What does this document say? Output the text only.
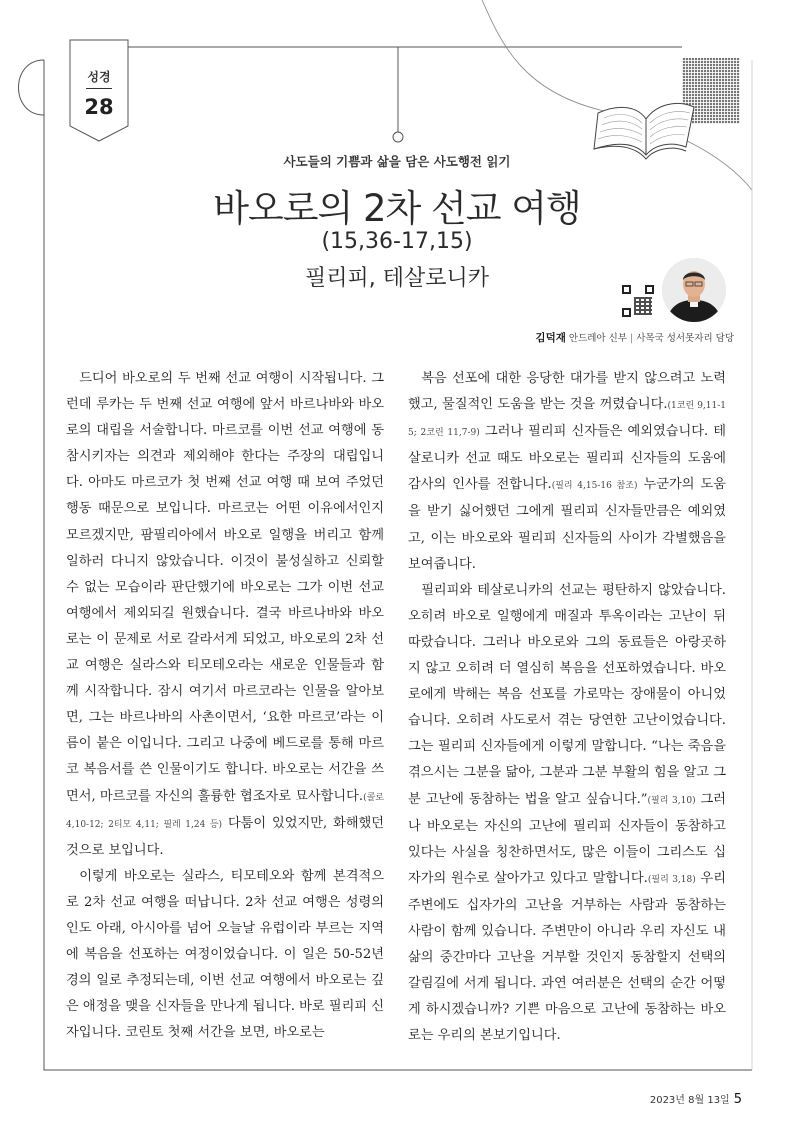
성경
28
사도들의 기쁨과 삶을 담은 사도행전 읽기
바오로의 2차 선교 여행
(15,36-17,15)
필리피, 테살로니카
김덕재 안드레아 신부 | 사목국 성서못자리 담당

드디어 바오로의 두 번째 선교 여행이 시작됩니다. 그런데 루카는 두 번째 선교 여행에 앞서 바르나바와 바오로의 대립을 서술합니다. 마르코를 이번 선교 여행에 동참시키자는 의견과 제외해야 한다는 주장의 대립입니다. 아마도 마르코가 첫 번째 선교 여행 때 보여 주었던 행동 때문으로 보입니다. 마르코는 어떤 이유에서인지 모르겠지만, 팜필리아에서 바오로 일행을 버리고 함께 일하러 다니지 않았습니다. 이것이 불성실하고 신뢰할 수 없는 모습이라 판단했기에 바오로는 그가 이번 선교 여행에서 제외되길 원했습니다. 결국 바르나바와 바오로는 이 문제로 서로 갈라서게 되었고, 바오로의 2차 선교 여행은 실라스와 티모테오라는 새로운 인물들과 함께 시작합니다. 잠시 여기서 마르코라는 인물을 알아보면, 그는 바르나바의 사촌이면서, ‘요한 마르코’라는 이름이 붙은 이입니다. 그리고 나중에 베드로를 통해 마르코 복음서를 쓴 인물이기도 합니다. 바오로는 서간을 쓰면서, 마르코를 자신의 훌륭한 협조자로 묘사합니다.(콜로 4,10-12; 2티모 4,11; 필레 1,24 등) 다툼이 있었지만, 화해했던 것으로 보입니다.

이렇게 바오로는 실라스, 티모테오와 함께 본격적으로 2차 선교 여행을 떠납니다. 2차 선교 여행은 성령의 인도 아래, 아시아를 넘어 오늘날 유럽이라 부르는 지역에 복음을 선포하는 여정이었습니다. 이 일은 50-52년경의 일로 추정되는데, 이번 선교 여행에서 바오로는 깊은 애정을 맺을 신자들을 만나게 됩니다. 바로 필리피 신자입니다. 코린토 첫째 서간을 보면, 바오로는

복음 선포에 대한 응당한 대가를 받지 않으려고 노력했고, 물질적인 도움을 받는 것을 꺼렸습니다.(1코린 9,11-15; 2코린 11,7-9) 그러나 필리피 신자들은 예외였습니다. 테살로니카 선교 때도 바오로는 필리피 신자들의 도움에 감사의 인사를 전합니다.(필리 4,15-16 참조) 누군가의 도움을 받기 싫어했던 그에게 필리피 신자들만큼은 예외였고, 이는 바오로와 필리피 신자들의 사이가 각별했음을 보여줍니다.

필리피와 테살로니카의 선교는 평탄하지 않았습니다. 오히려 바오로 일행에게 매질과 투옥이라는 고난이 뒤따랐습니다. 그러나 바오로와 그의 동료들은 아랑곳하지 않고 오히려 더 열심히 복음을 선포하였습니다. 바오로에게 박해는 복음 선포를 가로막는 장애물이 아니었습니다. 오히려 사도로서 겪는 당연한 고난이었습니다. 그는 필리피 신자들에게 이렇게 말합니다. “나는 죽음을 겪으시는 그분을 닮아, 그분과 그분 부활의 힘을 알고 그분 고난에 동참하는 법을 알고 싶습니다.”(필리 3,10) 그러나 바오로는 자신의 고난에 필리피 신자들이 동참하고 있다는 사실을 칭찬하면서도, 많은 이들이 그리스도 십자가의 원수로 살아가고 있다고 말합니다.(필리 3,18) 우리 주변에도 십자가의 고난을 거부하는 사람과 동참하는 사람이 함께 있습니다. 주변만이 아니라 우리 자신도 내 삶의 중간마다 고난을 거부할 것인지 동참할지 선택의 갈림길에 서게 됩니다. 과연 여러분은 선택의 순간 어떻게 하시겠습니까? 기쁜 마음으로 고난에 동참하는 바오로는 우리의 본보기입니다.

2023년 8월 13일 5
